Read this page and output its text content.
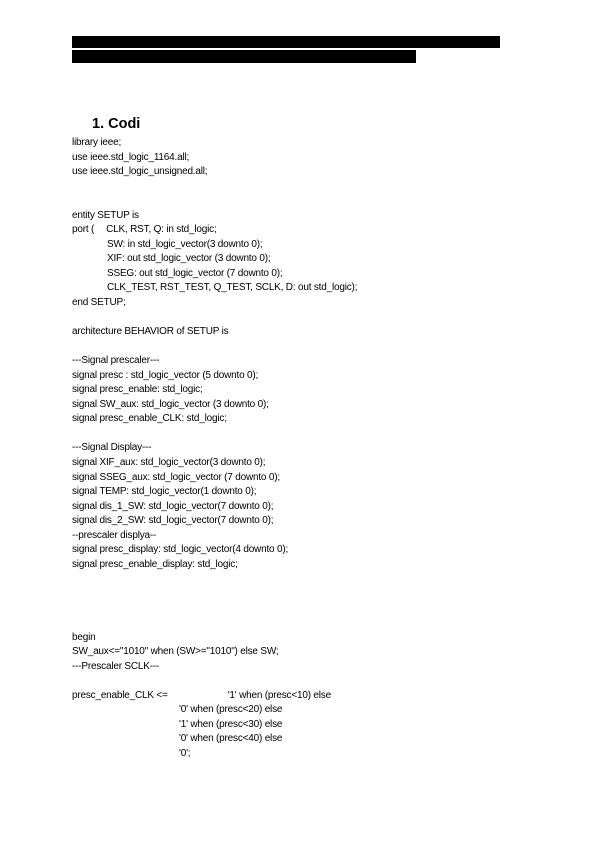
1. Codi
library ieee;
use ieee.std_logic_1164.all;
use ieee.std_logic_unsigned.all;
entity SETUP is
port ( CLK, RST, Q: in std_logic;
SW: in std_logic_vector(3 downto 0);
XIF: out std_logic_vector (3 downto 0);
SSEG: out std_logic_vector (7 downto 0);
CLK_TEST, RST_TEST, Q_TEST, SCLK, D: out std_logic);
end SETUP;
architecture BEHAVIOR of SETUP is
---Signal prescaler---
signal presc : std_logic_vector (5 downto 0);
signal presc_enable: std_logic;
signal SW_aux: std_logic_vector (3 downto 0);
signal presc_enable_CLK: std_logic;
---Signal Display---
signal XIF_aux: std_logic_vector(3 downto 0);
signal SSEG_aux: std_logic_vector (7 downto 0);
signal TEMP: std_logic_vector(1 downto 0);
signal dis_1_SW: std_logic_vector(7 downto 0);
signal dis_2_SW: std_logic_vector(7 downto 0);
--prescaler displya--
signal presc_display: std_logic_vector(4 downto 0);
signal presc_enable_display: std_logic;
begin
SW_aux<="1010" when (SW>="1010") else SW;
---Prescaler SCLK---
presc_enable_CLK <=	'1' when (presc<10) else
'0' when (presc<20) else
'1' when (presc<30) else
'0' when (presc<40) else
'0';
